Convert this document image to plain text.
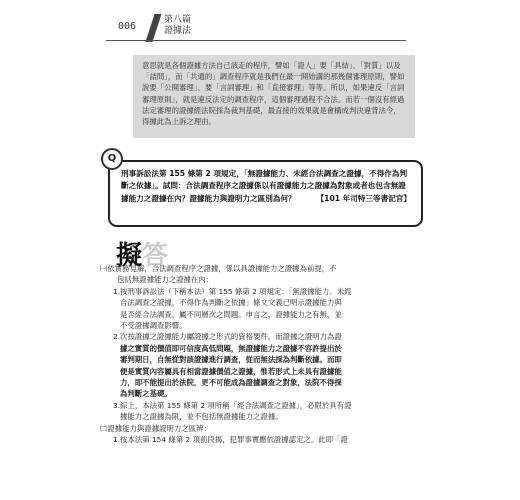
006
第八篇
證據法

意思就是各個證據方法自己該走的程序，譬如「證人」要「具結」、「對質」以及「詰問」，而「共通的」調查程序就是我們在最一開始講的那幾個審理原則，譬如說要「公開審理」、要「言詞審理」和「直接審理」等等。所以，如果違反「言詞審理原則」，就是違反法定的調查程序，這個審理過程不合法。而若一個沒有經過法定審理的證據經法院採為裁判基礎，最直接的效果就是會構成判決違背法令，得據此為上訴之理由。

刑事訴訟法第 155 條第 2 項規定，「無證據能力、未經合法調查之證據，不得作為判斷之依據」。試問：合法調查程序之證據係以有證據能力之證據為對象或者也包含無證據能力之證據在內？證據能力與證明力之區別為何？	【101 年司特三等書記官】

Q
擬答

㈠依實務見解，合法調查程序之證據，係以具證據能力之證據為前提，不

包括無證據能力之證據在內：

1.按刑事訴訟法（下稱本法）第 155 條第 2 項規定：「無證據能力、未經

合法調查之證據，不得作為判斷之依據」條文文義已明示證據能力與

是否經合法調查，屬不同層次之問題。申言之，證據能力之有無，並

不受證據調查影響。

2.次按證據之證據能力屬證據之形式的資格要件，而證據之證明力為證

據之實質的價值即可信度高低問題，無證據能力之證據不容許提出於

審判期日，自無從對該證據進行調查，從而無法採為判斷依據。而即

便是實質內容屬具有相當證據價值之證據，惟若形式上未具有證據能

力，即不能提出於法院，更不可能成為證據調查之對象，法院不得採

為判斷之基礎。

3.綜上，本法第 155 條第 2 項所稱「經合法調查之證據」，必限於具有證

據能力之證據為限，並不包括無證據能力之證據。

㈡證據能力與證據證明力之區辨：

1.按本法第 154 條第 2 項前段揭，犯罪事實應依證據認定之。此即「證
